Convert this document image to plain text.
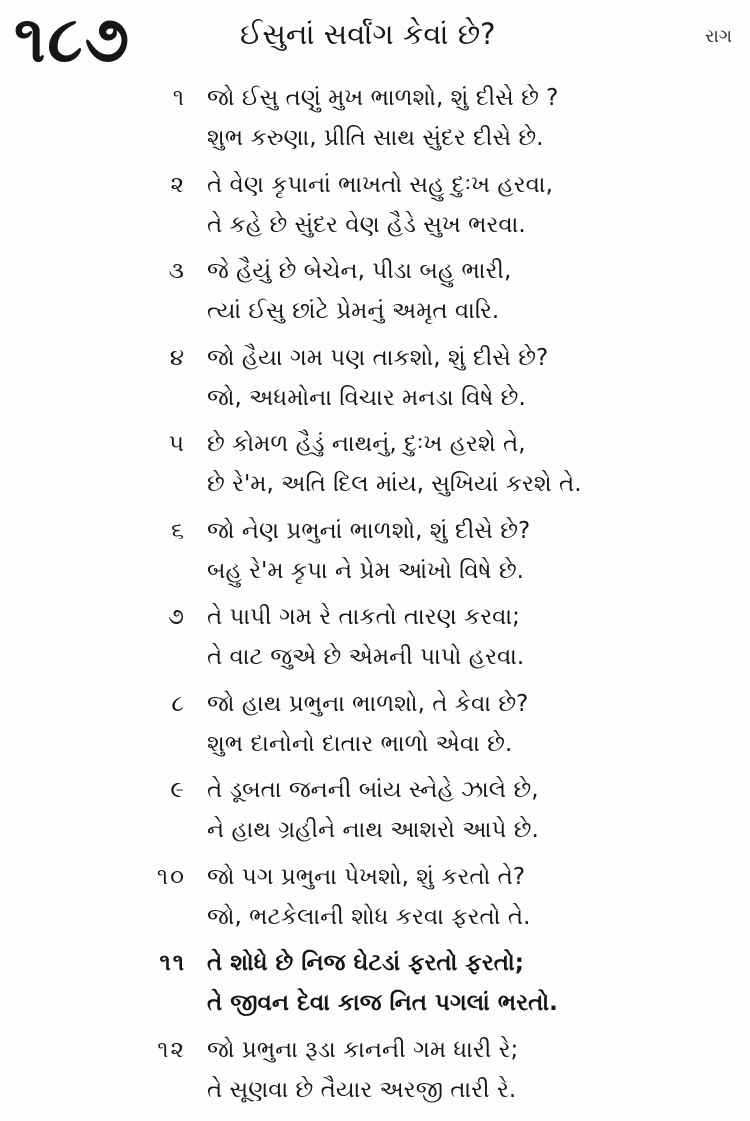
૧૮૭	ઈસુનાં સર્વાંગ કેવાં છે?	રાગ
૧ જો ઈસુ તણું મુખ ભાળશો, શું દીસે છે ?
શુભ કરુણા, પ્રીતિ સાથ સુંદર દીસે છે.
૨ તે વેણ કૃપાનાં ભાખતો સહુ દુઃખ હરવા,
તે કહે છે સુંદર વેણ હૈડે સુખ ભરવા.
૩ જે હૈયું છે બેચેન, પીડા બહુ ભારી,
ત્યાં ઈસુ છાંટે પ્રેમનું અમૃત વારિ.
૪ જો હૈયા ગમ પણ તાકશો, શું દીસે છે?
જો, અધમોના વિચાર મનડા વિષે છે.
૫ છે કોમળ હૈડું નાથનું, દુઃખ હરશે તે,
છે રે'મ, અતિ દિલ માંય, સુખિયાં કરશે તે.
૬ જો નેણ પ્રભુનાં ભાળશો, શું દીસે છે?
બહુ રે'મ કૃપા ને પ્રેમ આંખો વિષે છે.
૭ તે પાપી ગમ રે તાકતો તારણ કરવા;
તે વાટ જુએ છે એમની પાપો હરવા.
૮ જો હાથ પ્રભુના ભાળશો, તે કેવા છે?
શુભ દાનોનો દાતાર ભાળો એવા છે.
૯ તે ડૂબતા જનની બાંય સ્નેહે ઝાલે છે,
ને હાથ ગ્રહીને નાથ આશરો આપે છે.
૧૦ જો પગ પ્રભુના પેખશો, શું કરતો તે?
જો, ભટકેલાની શોધ કરવા ફરતો તે.
૧૧ તે શોધે છે નિજ ઘેટડાં ફરતો ફરતો;
તે જીવન દેવા કાજ નિત પગલાં ભરતો.
૧૨ જો પ્રભુના રૂડા કાનની ગમ ધારી રે;
તે સૂણવા છે તૈયાર અરજી તારી રે.
